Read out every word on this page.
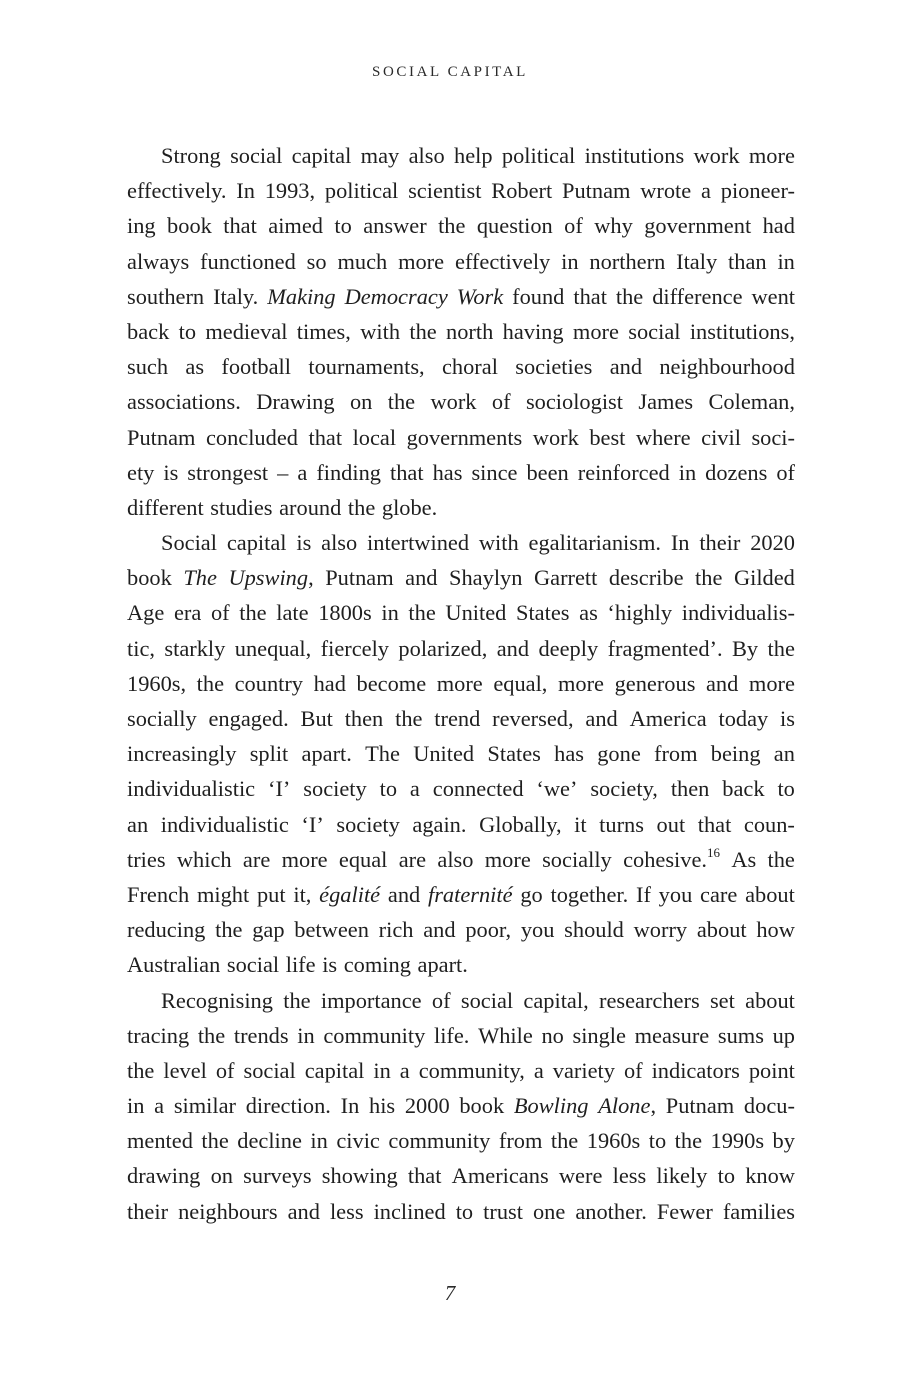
SOCIAL CAPITAL
Strong social capital may also help political institutions work more
effectively. In 1993, political scientist Robert Putnam wrote a pioneer-
ing book that aimed to answer the question of why government had
always functioned so much more effectively in northern Italy than in
southern Italy. Making Democracy Work found that the difference went
back to medieval times, with the north having more social institutions,
such as football tournaments, choral societies and neighbourhood
associations. Drawing on the work of sociologist James Coleman,
Putnam concluded that local governments work best where civil soci-
ety is strongest – a finding that has since been reinforced in dozens of
different
studies
around
the
globe.
Social capital is also intertwined with egalitarianism. In their 2020
book The Upswing, Putnam and Shaylyn Garrett describe the Gilded
Age era of the late 1800s in the United States as ‘highly individualis-
tic, starkly unequal, fiercely polarized, and deeply fragmented’. By the
1960s, the country had become more equal, more generous and more
socially engaged. But then the trend reversed, and America today is
increasingly split apart. The United States has gone from being an
individualistic ‘I’ society to a connected ‘we’ society, then back to
an individualistic ‘I’ society again. Globally, it turns out that coun-
tries which are more equal are also more socially cohesive.$^{16}$ As the
French might put it, égalité and fraternité go together. If you care about
reducing the gap between rich and poor, you should worry about how
Australian
social
life
is
coming
apart.
Recognising the importance of social capital, researchers set about
tracing the trends in community life. While no single measure sums up
the level of social capital in a community, a variety of indicators point
in a similar direction. In his 2000 book Bowling Alone, Putnam docu-
mented the decline in civic community from the 1960s to the 1990s by
drawing on surveys showing that Americans were less likely to know
their neighbours and less inclined to trust one another. Fewer families
7
